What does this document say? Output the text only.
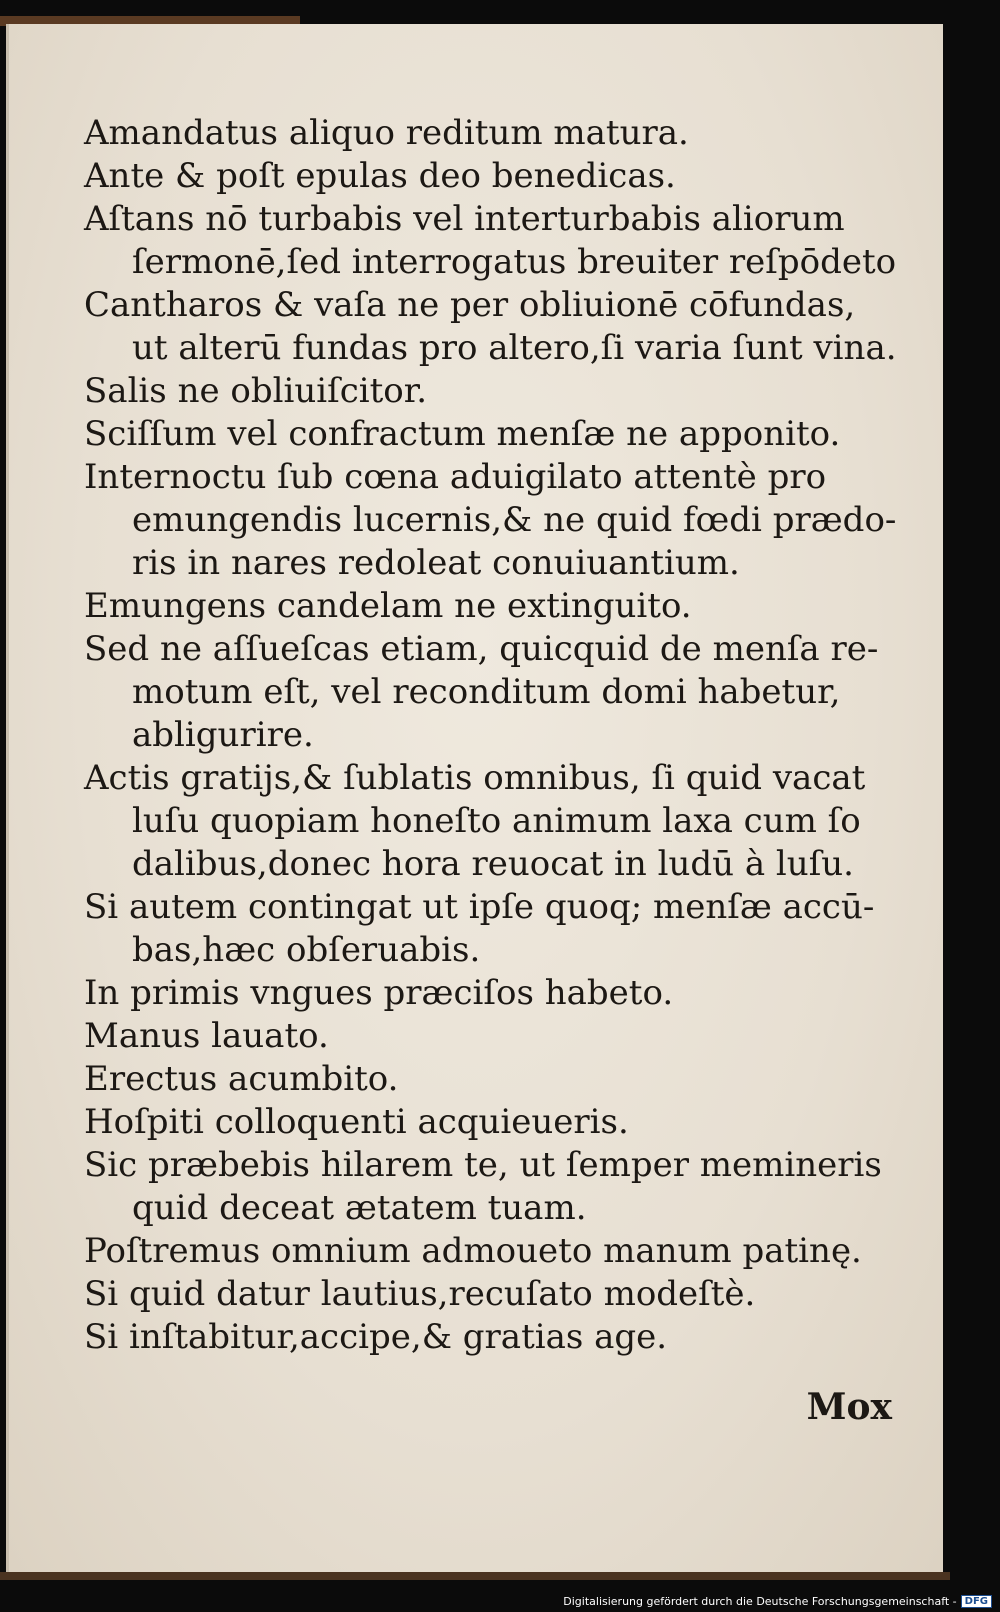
Amandatus aliquo reditum matura.
Ante & poſt epulas deo benedicas.
Aſtans nō turbabis vel interturbabis aliorum
ſermonē,ſed interrogatus breuiter reſpōdeto
Cantharos & vaſa ne per obliuionē cōfundas,
ut alterū fundas pro altero,ſi varia ſunt vina.
Salis ne obliuiſcitor.
Sciſſum vel confractum menſæ ne apponito.
Internoctu ſub cœna aduigilato attentè pro
emungendis lucernis,& ne quid fœdi prædo-
ris in nares redoleat conuiuantium.
Emungens candelam ne extinguito.
Sed ne aſſueſcas etiam, quicquid de menſa re-
motum eſt, vel reconditum domi habetur,
abligurire.
Actis gratijs,& ſublatis omnibus, ſi quid vacat
luſu quopiam honeſto animum laxa cum ſo
dalibus,donec hora reuocat in ludū à luſu.
Si autem contingat ut ipſe quoq; menſæ accū-
bas,hæc obſeruabis.
In primis vngues præciſos habeto.
Manus lauato.
Erectus acumbito.
Hoſpiti colloquenti acquieueris.
Sic præbebis hilarem te, ut ſemper memineris
quid deceat ætatem tuam.
Poſtremus omnium admoueto manum patinę.
Si quid datur lautius,recuſato modeſtè.
Si inſtabitur,accipe,& gratias age.
Mox
Digitalisierung gefördert durch die Deutsche Forschungsgemeinschaft - DFG
